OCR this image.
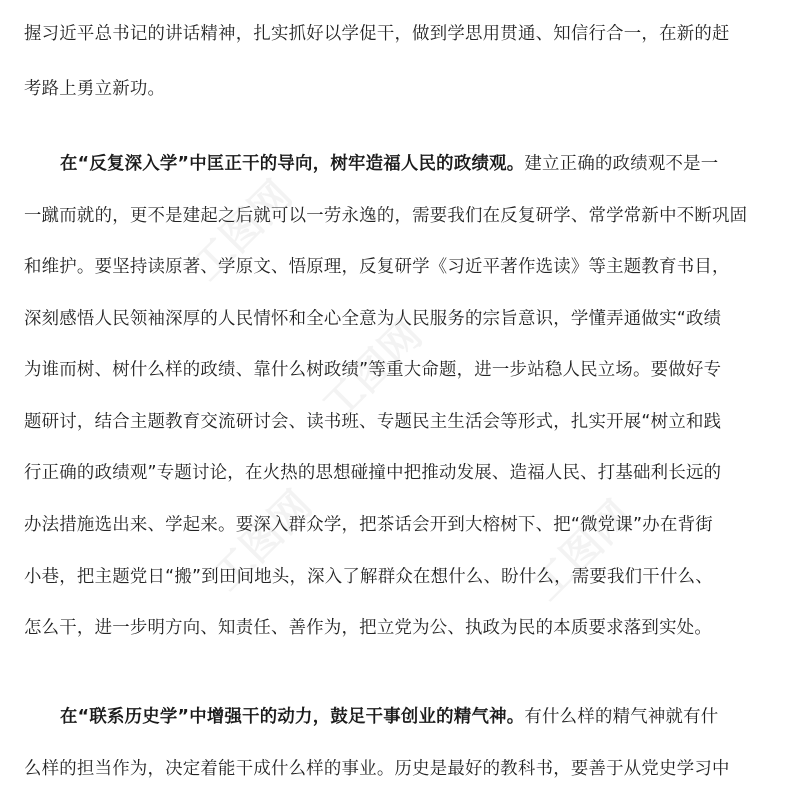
工图网
工图网
工图网	工图网
握习近平总书记的讲话精神，扎实抓好以学促干，做到学思用贯通、知信行合一，在新的赶
考路上勇立新功。
在“反复深入学”中匡正干的导向，树牢造福人民的政绩观。建立正确的政绩观不是一
一蹴而就的，更不是建起之后就可以一劳永逸的，需要我们在反复研学、常学常新中不断巩固
和维护。要坚持读原著、学原文、悟原理，反复研学《习近平著作选读》等主题教育书目，
深刻感悟人民领袖深厚的人民情怀和全心全意为人民服务的宗旨意识，学懂弄通做实“政绩
为谁而树、树什么样的政绩、靠什么树政绩”等重大命题，进一步站稳人民立场。要做好专
题研讨，结合主题教育交流研讨会、读书班、专题民主生活会等形式，扎实开展“树立和践
行正确的政绩观”专题讨论，在火热的思想碰撞中把推动发展、造福人民、打基础利长远的
办法措施选出来、学起来。要深入群众学，把茶话会开到大榕树下、把“微党课”办在背街
小巷，把主题党日“搬”到田间地头，深入了解群众在想什么、盼什么，需要我们干什么、
怎么干，进一步明方向、知责任、善作为，把立党为公、执政为民的本质要求落到实处。
在“联系历史学”中增强干的动力，鼓足干事创业的精气神。有什么样的精气神就有什
么样的担当作为，决定着能干成什么样的事业。历史是最好的教科书，要善于从党史学习中
